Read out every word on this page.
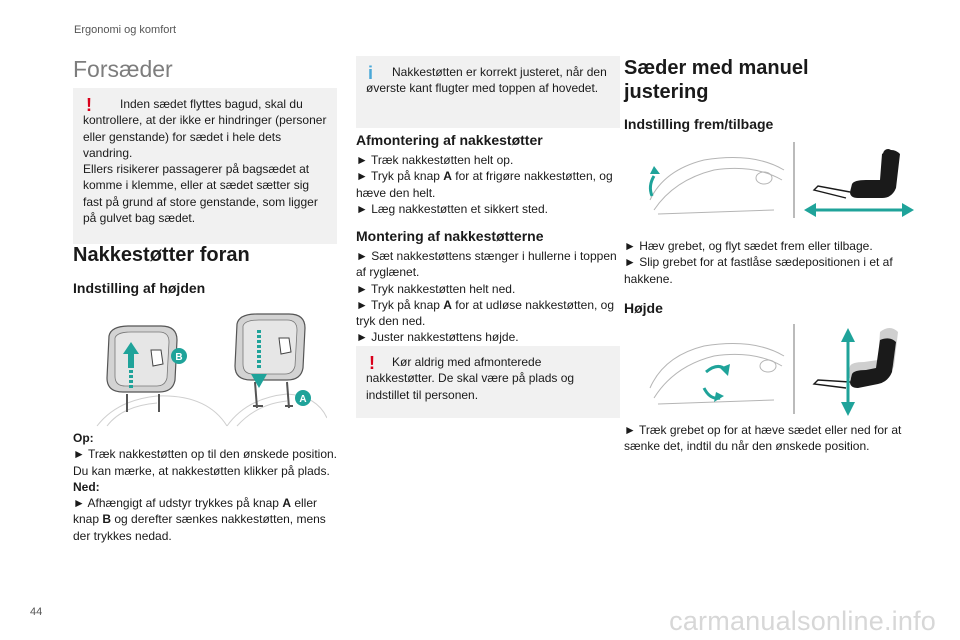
Ergonomi og komfort
Forsæder
!	Inden sædet flyttes bagud, skal du kontrollere, at der ikke er hindringer (personer eller genstande) for sædet i hele dets vandring.
Ellers risikerer passagerer på bagsædet at komme i klemme, eller at sædet sætter sig fast på grund af store genstande, som ligger på gulvet bag sædet.
Nakkestøtter foran
Indstilling af højden
B
A
Op:
► Træk nakkestøtten op til den ønskede position. Du kan mærke, at nakkestøtten klikker på plads.
Ned:
► Afhængigt af udstyr trykkes på knap A eller knap B og derefter sænkes nakkestøtten, mens der trykkes nedad.
i	Nakkestøtten er korrekt justeret, når den øverste kant flugter med toppen af hovedet.
Afmontering af nakkestøtter
► Træk nakkestøtten helt op.
► Tryk på knap A for at frigøre nakkestøtten, og hæve den helt.
► Læg nakkestøtten et sikkert sted.
Montering af nakkestøtterne
► Sæt nakkestøttens stænger i hullerne i toppen af ryglænet.
► Tryk nakkestøtten helt ned.
► Tryk på knap A for at udløse nakkestøtten, og tryk den ned.
► Juster nakkestøttens højde.
!	Kør aldrig med afmonterede nakkestøtter. De skal være på plads og indstillet til personen.
Sæder med manuel justering
Indstilling frem/tilbage
► Hæv grebet, og flyt sædet frem eller tilbage.
► Slip grebet for at fastlåse sædepositionen i et af hakkene.
Højde
► Træk grebet op for at hæve sædet eller ned for at sænke det, indtil du når den ønskede position.
44	carmanualsonline.info
